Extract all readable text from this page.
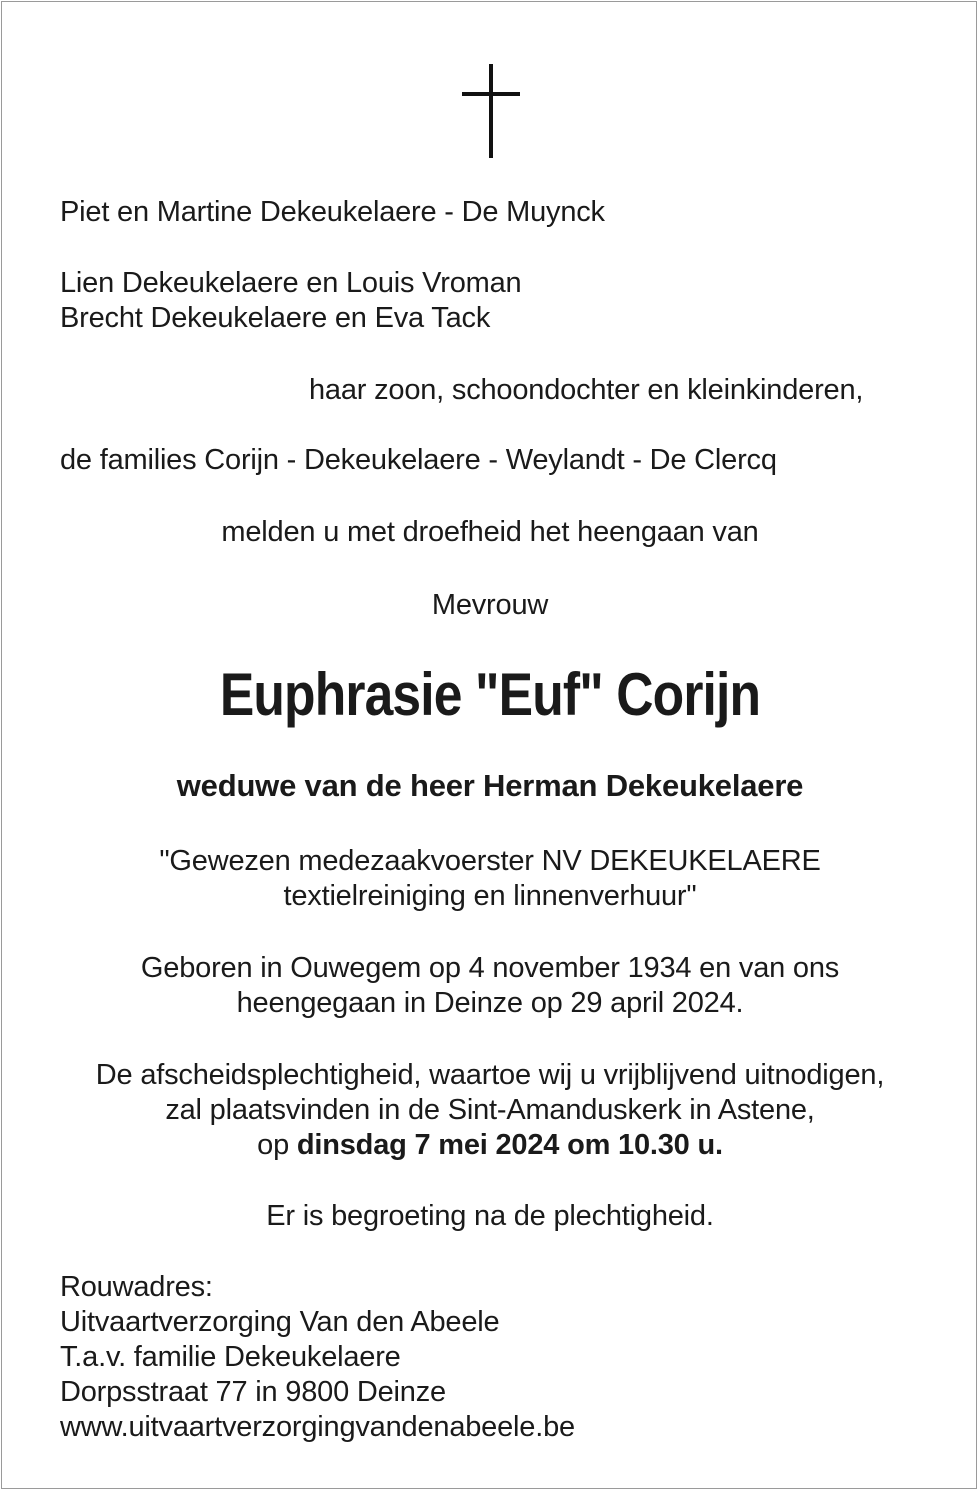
Piet en Martine Dekeukelaere - De Muynck
Lien Dekeukelaere en Louis Vroman
Brecht Dekeukelaere en Eva Tack
haar zoon, schoondochter en kleinkinderen,
de families Corijn - Dekeukelaere - Weylandt - De Clercq
melden u met droefheid het heengaan van
Mevrouw
Euphrasie "Euf" Corijn
weduwe van de heer Herman Dekeukelaere
"Gewezen medezaakvoerster NV DEKEUKELAERE
textielreiniging en linnenverhuur"
Geboren in Ouwegem op 4 november 1934 en van ons
heengegaan in Deinze op 29 april 2024.
De afscheidsplechtigheid, waartoe wij u vrijblijvend uitnodigen,
zal plaatsvinden in de Sint-Amanduskerk in Astene,
op dinsdag 7 mei 2024 om 10.30 u.
Er is begroeting na de plechtigheid.
Rouwadres:
Uitvaartverzorging Van den Abeele
T.a.v. familie Dekeukelaere
Dorpsstraat 77 in 9800 Deinze
www.uitvaartverzorgingvandenabeele.be
